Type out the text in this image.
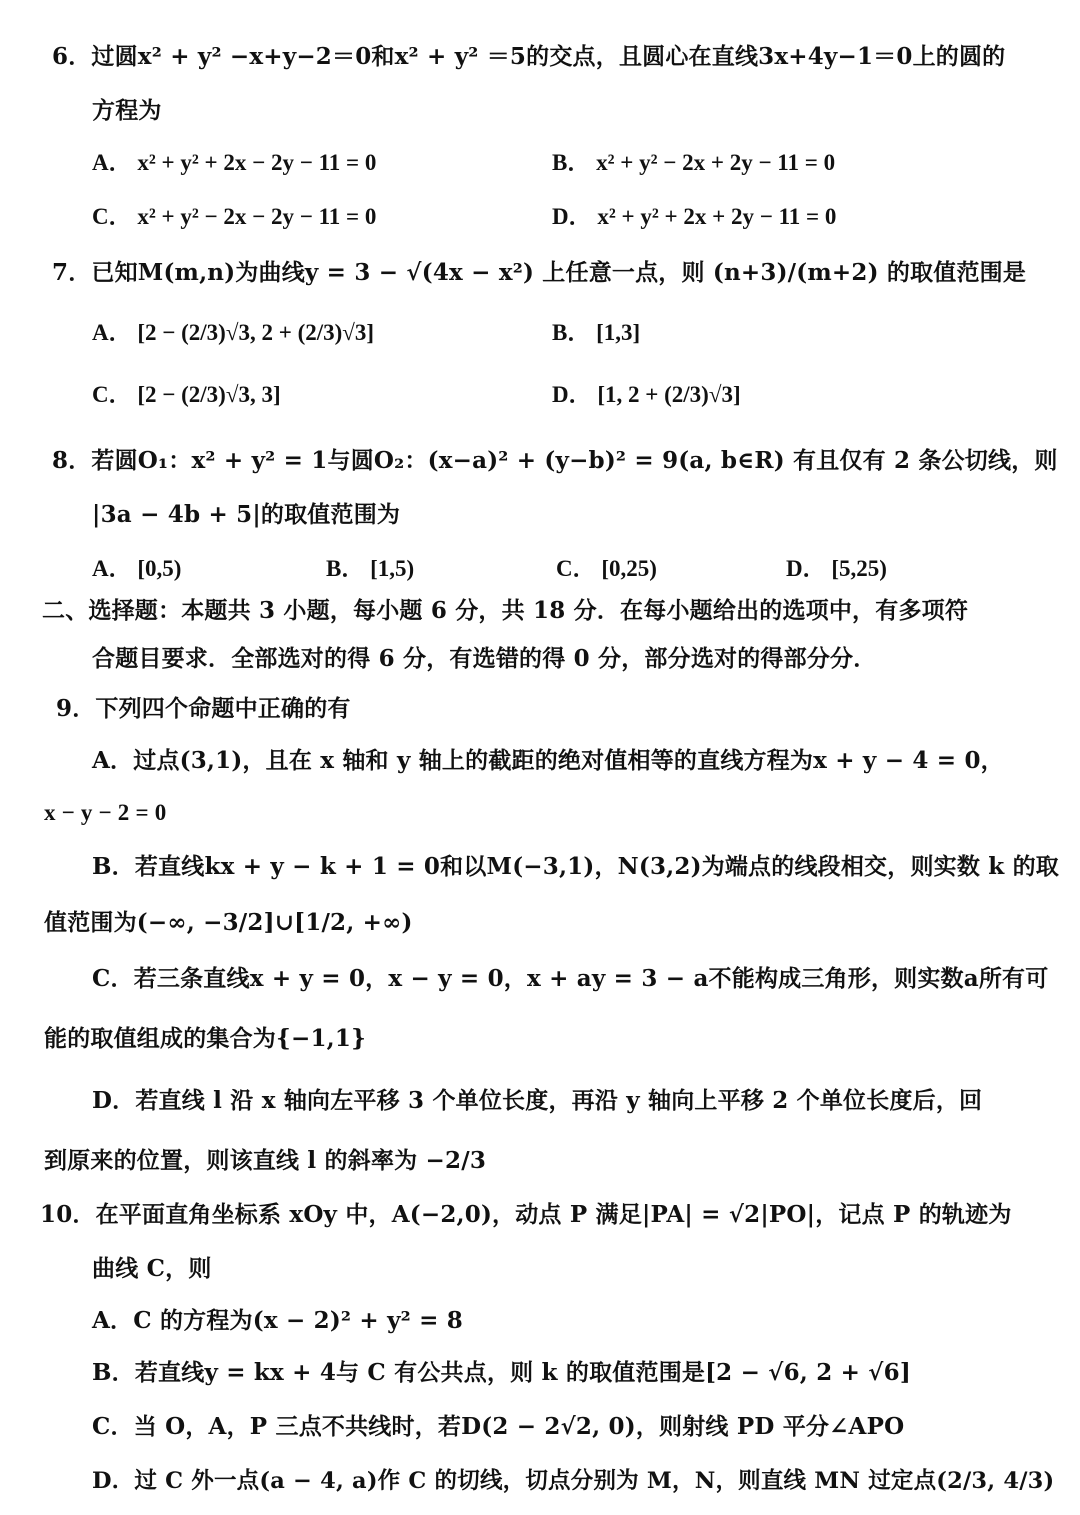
6．过圆x² + y² −x+y−2＝0和x² + y² ＝5的交点，且圆心在直线3x+4y−1＝0上的圆的
方程为
A． x² + y² + 2x − 2y − 11 = 0	B． x² + y² − 2x + 2y − 11 = 0
C． x² + y² − 2x − 2y − 11 = 0	D． x² + y² + 2x + 2y − 11 = 0
7．已知M(m,n)为曲线y = 3 − √(4x − x²) 上任意一点，则 (n+3)/(m+2) 的取值范围是
A． [2 − (2/3)√3, 2 + (2/3)√3]	B． [1,3]
C． [2 − (2/3)√3, 3]	D． [1, 2 + (2/3)√3]
8．若圆O₁：x² + y² = 1与圆O₂：(x−a)² + (y−b)² = 9(a, b∈R) 有且仅有 2 条公切线，则
|3a − 4b + 5|的取值范围为
A． [0,5)	B． [1,5)	C． [0,25)	D． [5,25)
二、选择题：本题共 3 小题，每小题 6 分，共 18 分．在每小题给出的选项中，有多项符
合题目要求．全部选对的得 6 分，有选错的得 0 分，部分选对的得部分分．
9．下列四个命题中正确的有
A．过点(3,1)，且在 x 轴和 y 轴上的截距的绝对值相等的直线方程为x + y − 4 = 0，
x − y − 2 = 0
B．若直线kx + y − k + 1 = 0和以M(−3,1)，N(3,2)为端点的线段相交，则实数 k 的取
值范围为(−∞, −3/2]∪[1/2, +∞)
C．若三条直线x + y = 0，x − y = 0，x + ay = 3 − a不能构成三角形，则实数a所有可
能的取值组成的集合为{−1,1}
D．若直线 l 沿 x 轴向左平移 3 个单位长度，再沿 y 轴向上平移 2 个单位长度后，回
到原来的位置，则该直线 l 的斜率为 −2/3
10．在平面直角坐标系 xOy 中，A(−2,0)，动点 P 满足|PA| = √2|PO|，记点 P 的轨迹为
曲线 C，则
A．C 的方程为(x − 2)² + y² = 8
B．若直线y = kx + 4与 C 有公共点，则 k 的取值范围是[2 − √6, 2 + √6]
C．当 O，A，P 三点不共线时，若D(2 − 2√2, 0)，则射线 PD 平分∠APO
D．过 C 外一点(a − 4, a)作 C 的切线，切点分别为 M，N，则直线 MN 过定点(2/3, 4/3)
